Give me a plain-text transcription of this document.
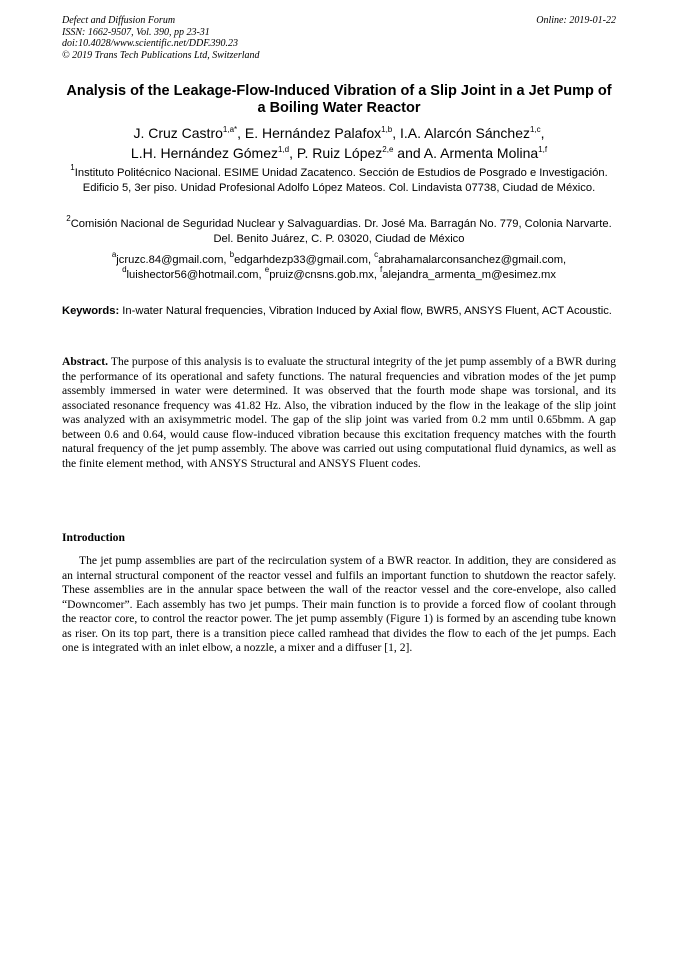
Defect and Diffusion Forum
ISSN: 1662-9507, Vol. 390, pp 23-31
doi:10.4028/www.scientific.net/DDF.390.23
© 2019 Trans Tech Publications Ltd, Switzerland
Online: 2019-01-22
Analysis of the Leakage-Flow-Induced Vibration of a Slip Joint in a Jet Pump of a Boiling Water Reactor
J. Cruz Castro$^{1,a*}$, E. Hernández Palafox$^{1,b}$, I.A. Alarcón Sánchez$^{1,c}$,
L.H. Hernández Gómez$^{1,d}$, P. Ruiz López$^{2,e}$ and A. Armenta Molina$^{1,f}$
$^1$Instituto Politécnico Nacional. ESIME Unidad Zacatenco. Sección de Estudios de Posgrado e Investigación. Edificio 5, 3er piso. Unidad Profesional Adolfo López Mateos. Col. Lindavista 07738, Ciudad de México.
$^2$Comisión Nacional de Seguridad Nuclear y Salvaguardias. Dr. José Ma. Barragán No. 779, Colonia Narvarte. Del. Benito Juárez, C. P. 03020, Ciudad de México
$^a$jcruzc.84@gmail.com, $^b$edgarhdezp33@gmail.com, $^c$abrahamalarconsanchez@gmail.com,
$^d$luishector56@hotmail.com, $^e$pruiz@cnsns.gob.mx, $^f$alejandra_armenta_m@esimez.mx
Keywords: In-water Natural frequencies, Vibration Induced by Axial flow, BWR5, ANSYS Fluent, ACT Acoustic.
Abstract. The purpose of this analysis is to evaluate the structural integrity of the jet pump assembly of a BWR during the performance of its operational and safety functions. The natural frequencies and vibration modes of the jet pump assembly immersed in water were determined. It was observed that the fourth mode shape was torsional, and its associated resonance frequency was 41.82 Hz. Also, the vibration induced by the flow in the leakage of the slip joint was analyzed with an axisymmetric model. The gap of the slip joint was varied from 0.2 mm until 0.65bmm. A gap between 0.6 and 0.64, would cause flow-induced vibration because this excitation frequency matches with the fourth natural frequency of the jet pump assembly. The above was carried out using computational fluid dynamics, as well as the finite element method, with ANSYS Structural and ANSYS Fluent codes.
Introduction
The jet pump assemblies are part of the recirculation system of a BWR reactor. In addition, they are considered as an internal structural component of the reactor vessel and fulfils an important function to shutdown the reactor safely. These assemblies are in the annular space between the wall of the reactor vessel and the core-envelope, also called “Downcomer”. Each assembly has two jet pumps. Their main function is to provide a forced flow of coolant through the reactor core, to control the reactor power. The jet pump assembly (Figure 1) is formed by an ascending tube known as riser. On its top part, there is a transition piece called ramhead that divides the flow to each of the jet pumps. Each one is integrated with an inlet elbow, a nozzle, a mixer and a diffuser [1, 2].
